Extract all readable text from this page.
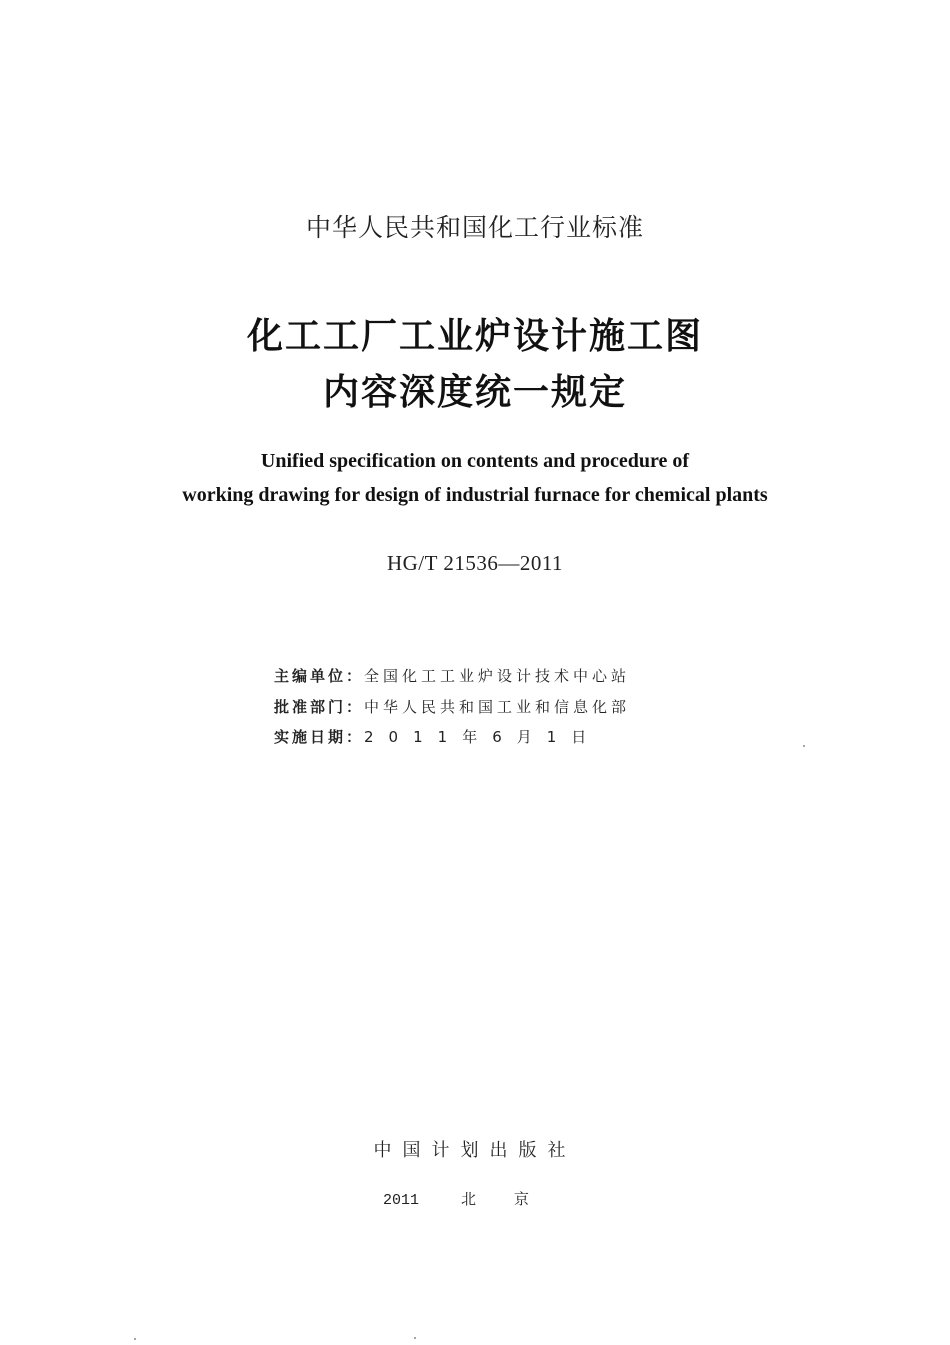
中华人民共和国化工行业标准
化工工厂工业炉设计施工图
内容深度统一规定
Unified specification on contents and procedure of
working drawing for design of industrial furnace for chemical plants
HG/T 21536—2011
主编单位：全国化工工业炉设计技术中心站
批准部门：中华人民共和国工业和信息化部
实施日期：2011年6月1日
中国计划出版社
2011	北京
